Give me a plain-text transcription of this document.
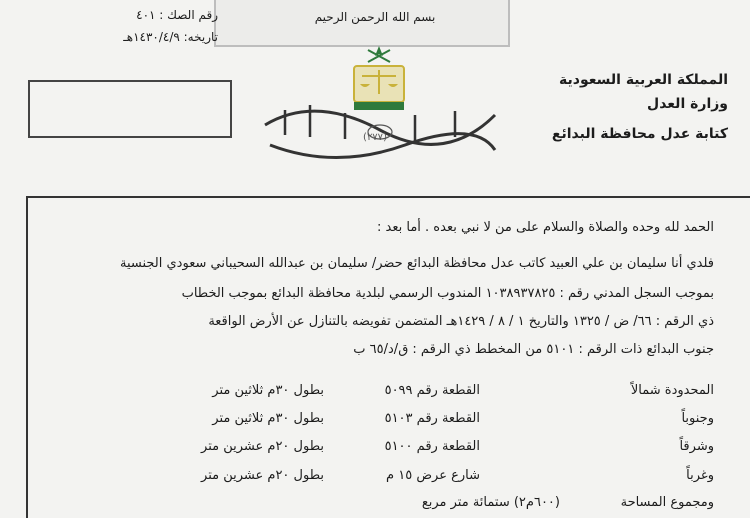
بسم الله الرحمن الرحيم
المملكة العربية السعودية
وزارة العدل
كتابة عدل محافظة البدائع
رقم الصك : ٤٠١
تاريخه: ١٤٣٠/٤/٩هـ
(٢٧٧)
الحمد لله وحده والصلاة والسلام على من لا نبي بعده . أما بعد :
فلدي أنا سليمان بن علي العبيد كاتب عدل محافظة البدائع حضر/ سليمان بن عبدالله السحيباني سعودي الجنسية
بموجب السجل المدني رقم : ١٠٣٨٩٣٧٨٢٥ المندوب الرسمي لبلدية محافظة البدائع بموجب الخطاب
ذي الرقم : ٦٦/ ض / ١٣٢٥ والتاريخ ١ / ٨ / ١٤٢٩هـ المتضمن تفويضه بالتنازل عن الأرض الواقعة
جنوب البدائع ذات الرقم : ٥١٠١ من المخطط ذي الرقم : ق/د/٦٥ ب
المحدودة شمالاً
القطعة رقم ٥٠٩٩
بطول ٣٠م ثلاثين متر
وجنوباً
القطعة رقم ٥١٠٣
بطول ٣٠م ثلاثين متر
وشرقاً
القطعة رقم ٥١٠٠
بطول ٢٠م عشرين متر
وغرباً
شارع عرض ١٥ م
بطول ٢٠م عشرين متر
ومجموع المساحة
(٦٠٠م٢) ستمائة متر مربع
